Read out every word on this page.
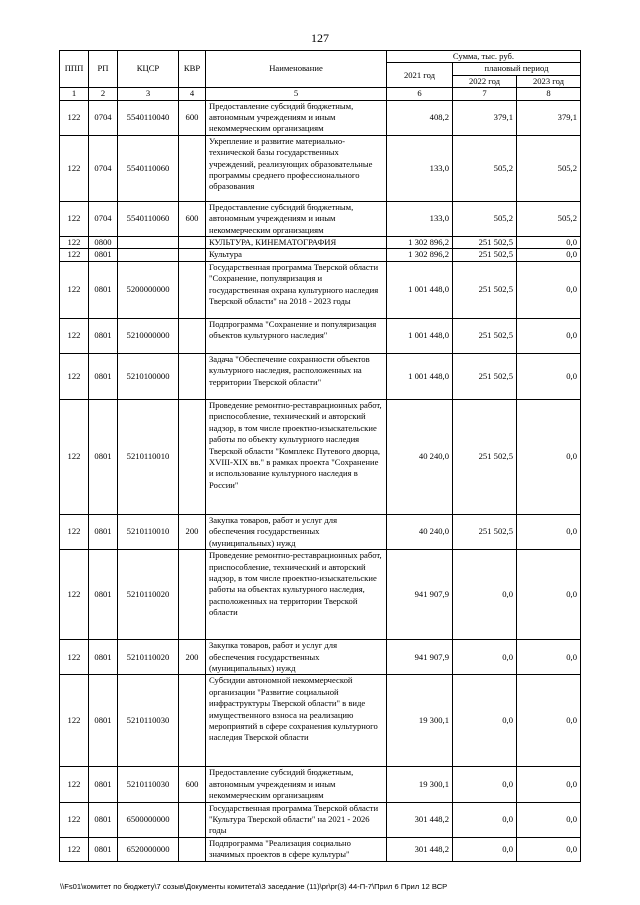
127
ППП	РП	КЦСР	КВР	Наименование	Сумма, тыс. руб.		
					2021 год	плановый период	
						2022 год	2023 год
1	2	3	4	5	6	7	8
122	0704	5540110040	600	Предоставление субсидий бюджетным, автономным учреждениям и иным некоммерческим организациям	408,2	379,1	379,1
122	0704	5540110060		Укрепление и развитие материально-технической базы государственных учреждений, реализующих образовательные программы среднего профессионального образования	133,0	505,2	505,2
122	0704	5540110060	600	Предоставление субсидий бюджетным, автономным учреждениям и иным некоммерческим организациям	133,0	505,2	505,2
122	0800			КУЛЬТУРА, КИНЕМАТОГРАФИЯ	1 302 896,2	251 502,5	0,0
122	0801			Культура	1 302 896,2	251 502,5	0,0
122	0801	5200000000		Государственная программа Тверской области "Сохранение, популяризация и государственная охрана культурного наследия Тверской области" на 2018 - 2023 годы	1 001 448,0	251 502,5	0,0
122	0801	5210000000		Подпрограмма "Сохранение и популяризация объектов культурного наследия"	1 001 448,0	251 502,5	0,0
122	0801	5210100000		Задача "Обеспечение сохранности объектов культурного наследия, расположенных на территории Тверской области"	1 001 448,0	251 502,5	0,0
122	0801	5210110010		Проведение ремонтно-реставрационных работ, приспособление, технический и авторский надзор, в том числе проектно-изыскательские работы по объекту культурного наследия Тверской области "Комплекс Путевого дворца, XVIII-XIX вв." в рамках проекта "Сохранение и использование культурного наследия в России"	40 240,0	251 502,5	0,0
122	0801	5210110010	200	Закупка товаров, работ и услуг для обеспечения государственных (муниципальных) нужд	40 240,0	251 502,5	0,0
122	0801	5210110020		Проведение ремонтно-реставрационных работ, приспособление, технический и авторский надзор, в том числе проектно-изыскательские работы на объектах культурного наследия, расположенных на территории Тверской области	941 907,9	0,0	0,0
122	0801	5210110020	200	Закупка товаров, работ и услуг для обеспечения государственных (муниципальных) нужд	941 907,9	0,0	0,0
122	0801	5210110030		Субсидии автономной некоммерческой организации "Развитие социальной инфраструктуры Тверской области" в виде имущественного взноса на реализацию мероприятий в сфере сохранения культурного наследия Тверской области	19 300,1	0,0	0,0
122	0801	5210110030	600	Предоставление субсидий бюджетным, автономным учреждениям и иным некоммерческим организациям	19 300,1	0,0	0,0
122	0801	6500000000		Государственная программа Тверской области "Культура Тверской области" на 2021 - 2026 годы	301 448,2	0,0	0,0
122	0801	6520000000		Подпрограмма "Реализация социально значимых проектов в сфере культуры"	301 448,2	0,0	0,0
\\Fs01\комитет по бюджету\7 созыв\Документы комитета\3 заседание (11)\pr\pr(3) 44-П-7\Прил 6 Прил 12 ВСР
